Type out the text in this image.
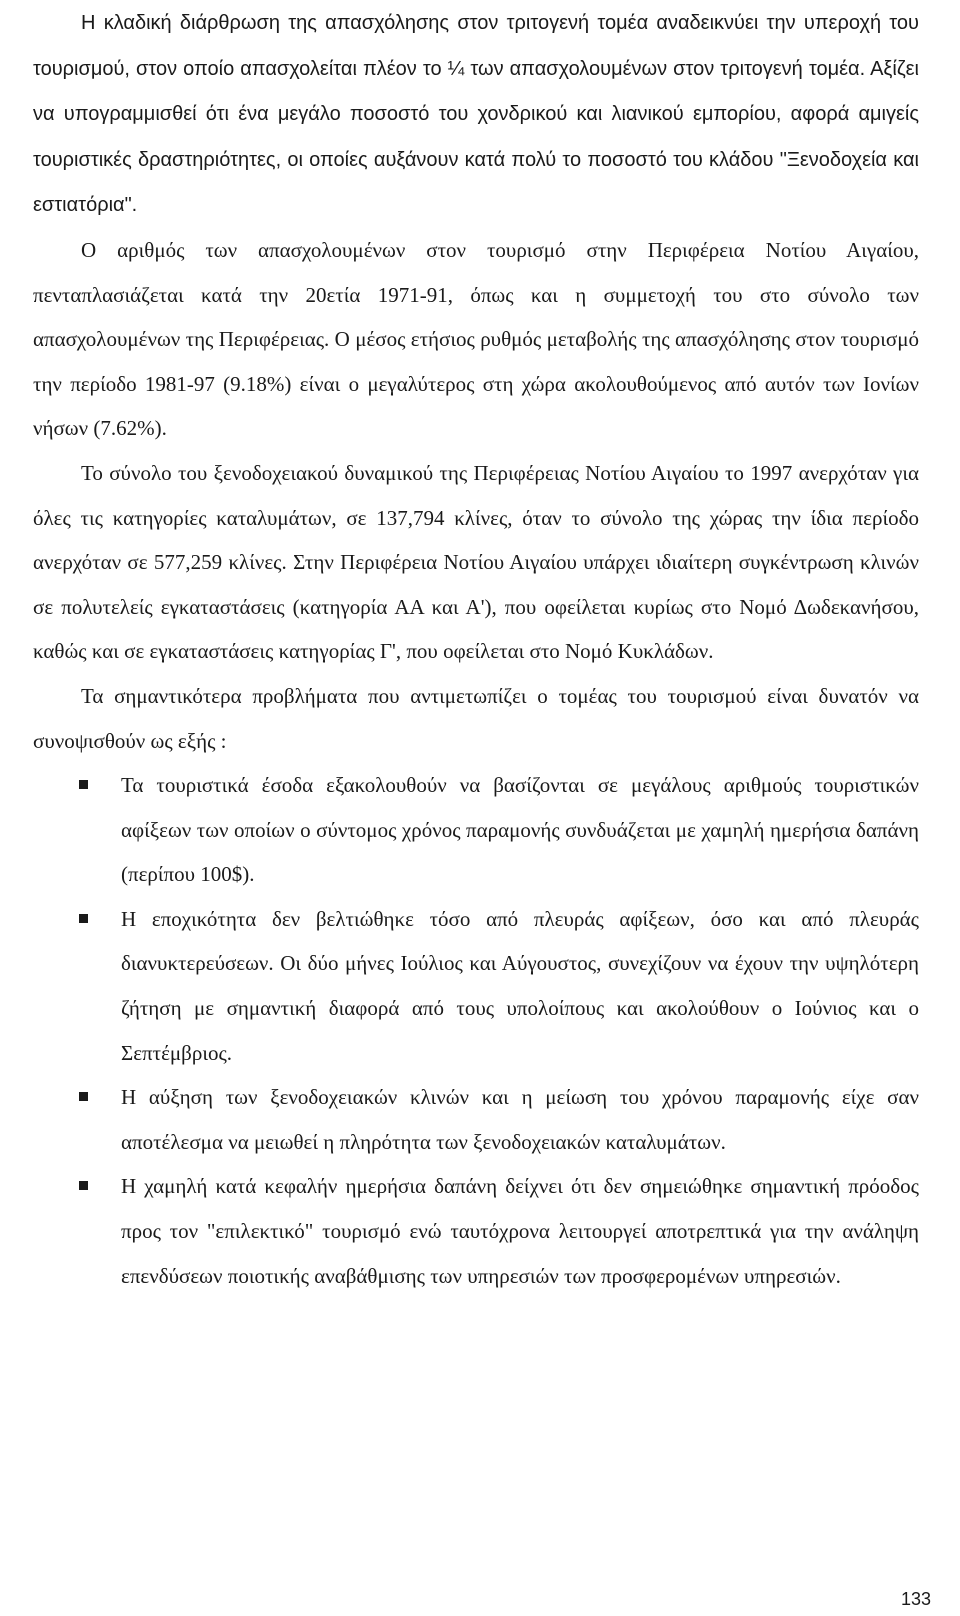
Η κλαδική διάρθρωση της απασχόλησης στον τριτογενή τομέα αναδεικνύει την υπεροχή του τουρισμού, στον οποίο απασχολείται πλέον το ¼ των απασχολουμένων στον τριτογενή τομέα. Αξίζει να υπογραμμισθεί ότι ένα μεγάλο ποσοστό του χονδρικού και λιανικού εμπορίου, αφορά αμιγείς τουριστικές δραστηριότητες, οι οποίες αυξάνουν κατά πολύ το ποσοστό του κλάδου "Ξενοδοχεία και εστιατόρια".

Ο αριθμός των απασχολουμένων στον τουρισμό στην Περιφέρεια Νοτίου Αιγαίου, πενταπλασιάζεται κατά την 20ετία 1971-91, όπως και η συμμετοχή του στο σύνολο των απασχολουμένων της Περιφέρειας. Ο μέσος ετήσιος ρυθμός μεταβολής της απασχόλησης στον τουρισμό την περίοδο 1981-97 (9.18%) είναι ο μεγαλύτερος στη χώρα ακολουθούμενος από αυτόν των Ιονίων νήσων (7.62%).

Το σύνολο του ξενοδοχειακού δυναμικού της Περιφέρειας Νοτίου Αιγαίου το 1997 ανερχόταν για όλες τις κατηγορίες καταλυμάτων, σε 137,794 κλίνες, όταν το σύνολο της χώρας την ίδια περίοδο ανερχόταν σε 577,259 κλίνες. Στην Περιφέρεια Νοτίου Αιγαίου υπάρχει ιδιαίτερη συγκέντρωση κλινών σε πολυτελείς εγκαταστάσεις (κατηγορία ΑΑ και Α'), που οφείλεται κυρίως στο Νομό Δωδεκανήσου, καθώς και σε εγκαταστάσεις κατηγορίας Γ', που οφείλεται στο Νομό Κυκλάδων.

Τα σημαντικότερα προβλήματα που αντιμετωπίζει ο τομέας του τουρισμού είναι δυνατόν να συνοψισθούν ως εξής :

Τα τουριστικά έσοδα εξακολουθούν να βασίζονται σε μεγάλους αριθμούς τουριστικών αφίξεων των οποίων ο σύντομος χρόνος παραμονής συνδυάζεται με χαμηλή ημερήσια δαπάνη (περίπου 100$).
Η εποχικότητα δεν βελτιώθηκε τόσο από πλευράς αφίξεων, όσο και από πλευράς διανυκτερεύσεων. Οι δύο μήνες Ιούλιος και Αύγουστος, συνεχίζουν να έχουν την υψηλότερη ζήτηση με σημαντική διαφορά από τους υπολοίπους και ακολούθουν ο Ιούνιος και ο Σεπτέμβριος.
Η αύξηση των ξενοδοχειακών κλινών και η μείωση του χρόνου παραμονής είχε σαν αποτέλεσμα να μειωθεί η πληρότητα των ξενοδοχειακών καταλυμάτων.
Η χαμηλή κατά κεφαλήν ημερήσια δαπάνη δείχνει ότι δεν σημειώθηκε σημαντική πρόοδος προς τον "επιλεκτικό" τουρισμό ενώ ταυτόχρονα λειτουργεί αποτρεπτικά για την ανάληψη επενδύσεων ποιοτικής αναβάθμισης των υπηρεσιών των προσφερομένων υπηρεσιών.
133
